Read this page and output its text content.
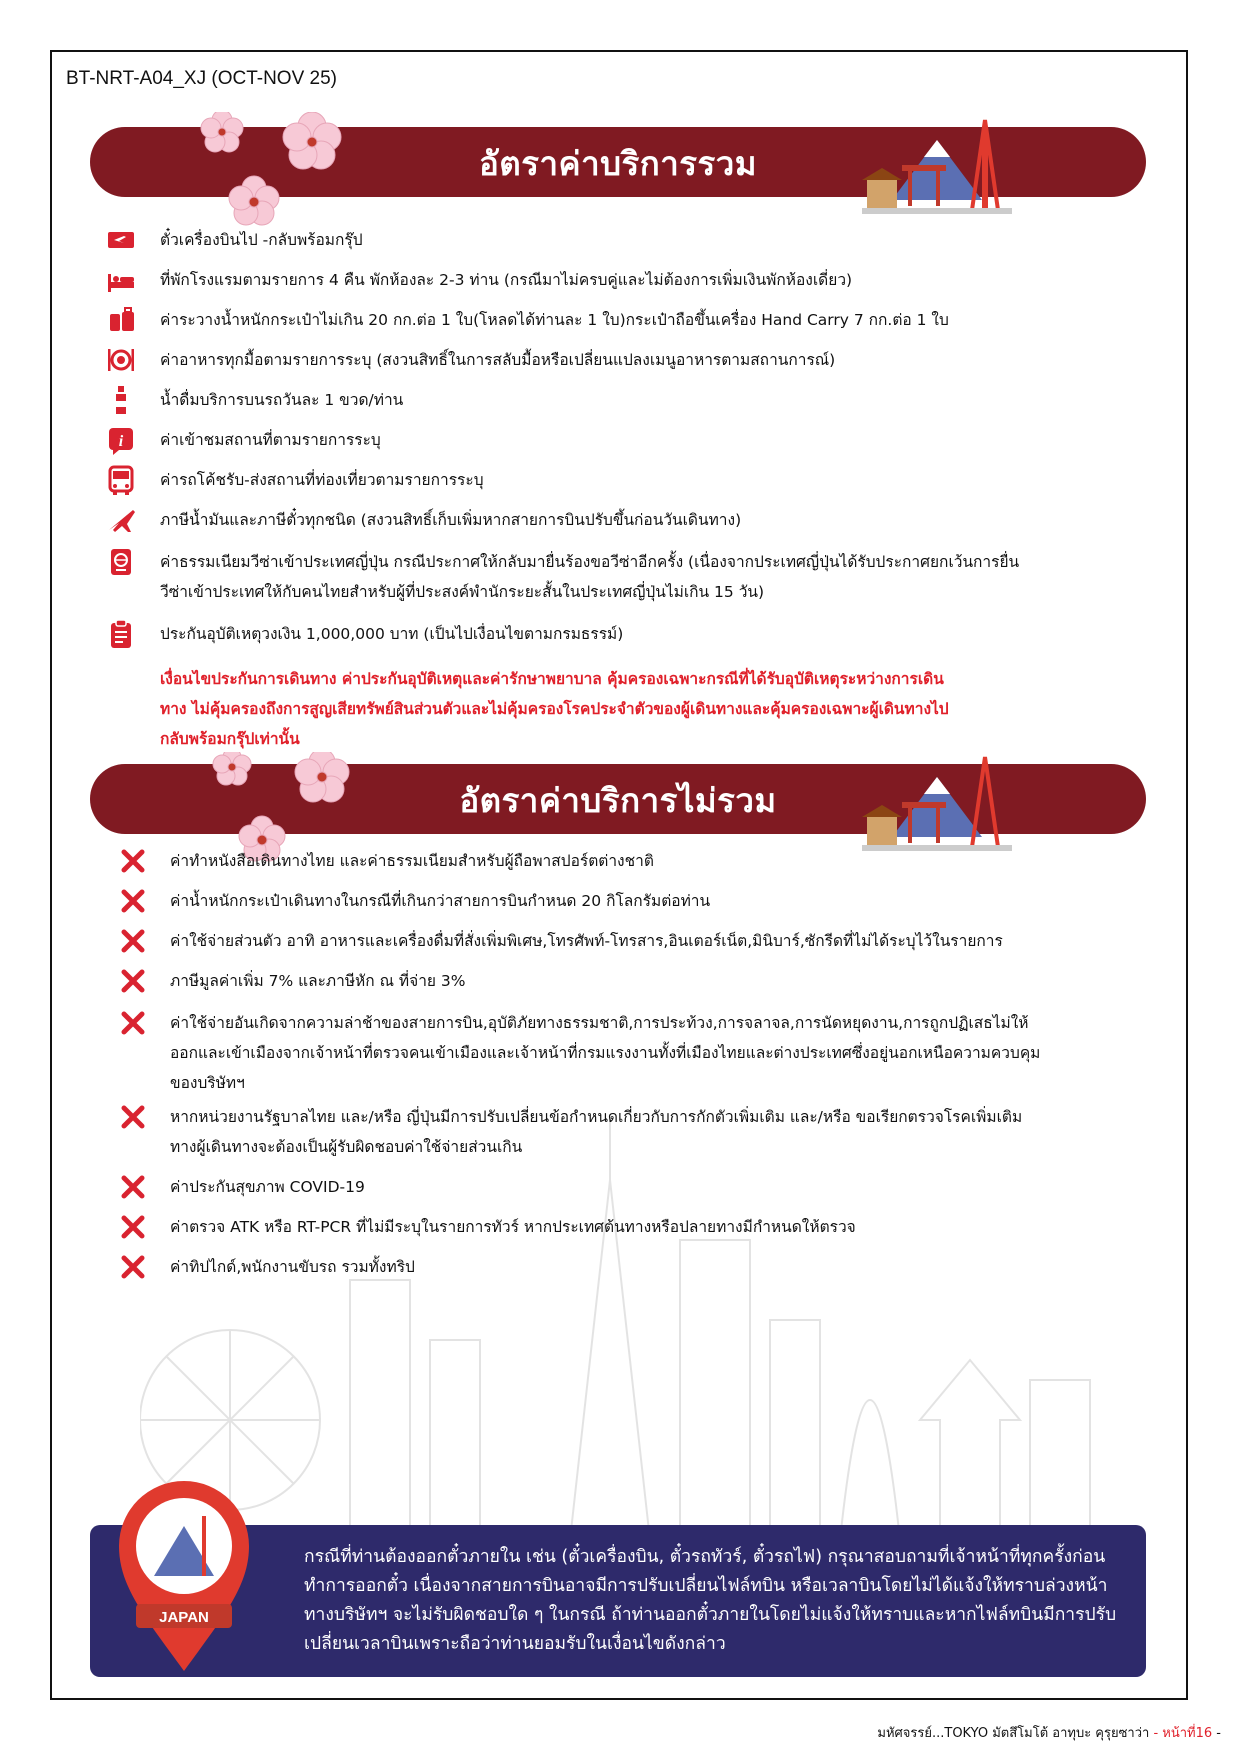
BT-NRT-A04_XJ (OCT-NOV 25)
อัตราค่าบริการรวม
ตั๋วเครื่องบินไป -กลับพร้อมกรุ๊ป
ที่พักโรงแรมตามรายการ 4 คืน พักห้องละ 2-3 ท่าน (กรณีมาไม่ครบคู่และไม่ต้องการเพิ่มเงินพักห้องเดี่ยว)
ค่าระวางน้ำหนักกระเป๋าไม่เกิน 20 กก.ต่อ 1 ใบ(โหลดได้ท่านละ 1 ใบ)กระเป๋าถือขึ้นเครื่อง Hand Carry 7 กก.ต่อ 1 ใบ
ค่าอาหารทุกมื้อตามรายการระบุ (สงวนสิทธิ์ในการสลับมื้อหรือเปลี่ยนแปลงเมนูอาหารตามสถานการณ์)
น้ำดื่มบริการบนรถวันละ 1 ขวด/ท่าน
i ค่าเข้าชมสถานที่ตามรายการระบุ
ค่ารถโค้ชรับ-ส่งสถานที่ท่องเที่ยวตามรายการระบุ
ภาษีน้ำมันและภาษีตั๋วทุกชนิด (สงวนสิทธิ์เก็บเพิ่มหากสายการบินปรับขึ้นก่อนวันเดินทาง)
ค่าธรรมเนียมวีซ่าเข้าประเทศญี่ปุ่น กรณีประกาศให้กลับมายื่นร้องขอวีซ่าอีกครั้ง (เนื่องจากประเทศญี่ปุ่นได้รับประกาศยกเว้นการยื่นวีซ่าเข้าประเทศให้กับคนไทยสำหรับผู้ที่ประสงค์พำนักระยะสั้นในประเทศญี่ปุ่นไม่เกิน 15 วัน)
ประกันอุบัติเหตุวงเงิน 1,000,000 บาท (เป็นไปเงื่อนไขตามกรมธรรม์)
เงื่อนไขประกันการเดินทาง ค่าประกันอุบัติเหตุและค่ารักษาพยาบาล คุ้มครองเฉพาะกรณีที่ได้รับอุบัติเหตุระหว่างการเดินทาง ไม่คุ้มครองถึงการสูญเสียทรัพย์สินส่วนตัวและไม่คุ้มครองโรคประจำตัวของผู้เดินทางและคุ้มครองเฉพาะผู้เดินทางไปกลับพร้อมกรุ๊ปเท่านั้น
อัตราค่าบริการไม่รวม
ค่าทำหนังสือเดินทางไทย และค่าธรรมเนียมสำหรับผู้ถือพาสปอร์ตต่างชาติ
ค่าน้ำหนักกระเป๋าเดินทางในกรณีที่เกินกว่าสายการบินกำหนด 20 กิโลกรัมต่อท่าน
ค่าใช้จ่ายส่วนตัว อาทิ อาหารและเครื่องดื่มที่สั่งเพิ่มพิเศษ,โทรศัพท์-โทรสาร,อินเตอร์เน็ต,มินิบาร์,ซักรีดที่ไม่ได้ระบุไว้ในรายการ
ภาษีมูลค่าเพิ่ม 7% และภาษีหัก ณ ที่จ่าย 3%
ค่าใช้จ่ายอันเกิดจากความล่าช้าของสายการบิน,อุบัติภัยทางธรรมชาติ,การประท้วง,การจลาจล,การนัดหยุดงาน,การถูกปฏิเสธไม่ให้ออกและเข้าเมืองจากเจ้าหน้าที่ตรวจคนเข้าเมืองและเจ้าหน้าที่กรมแรงงานทั้งที่เมืองไทยและต่างประเทศซึ่งอยู่นอกเหนือความควบคุมของบริษัทฯ
หากหน่วยงานรัฐบาลไทย และ/หรือ ญี่ปุ่นมีการปรับเปลี่ยนข้อกำหนดเกี่ยวกับการกักตัวเพิ่มเติม และ/หรือ ขอเรียกตรวจโรคเพิ่มเติม ทางผู้เดินทางจะต้องเป็นผู้รับผิดชอบค่าใช้จ่ายส่วนเกิน
ค่าประกันสุขภาพ COVID-19
ค่าตรวจ ATK หรือ RT-PCR ที่ไม่มีระบุในรายการทัวร์ หากประเทศต้นทางหรือปลายทางมีกำหนดให้ตรวจ
ค่าทิปไกด์,พนักงานขับรถ รวมทั้งทริป
กรณีที่ท่านต้องออกตั๋วภายใน เช่น (ตั๋วเครื่องบิน, ตั๋วรถทัวร์, ตั๋วรถไฟ) กรุณาสอบถามที่เจ้าหน้าที่ทุกครั้งก่อนทำการออกตั๋ว เนื่องจากสายการบินอาจมีการปรับเปลี่ยนไฟล์ทบิน หรือเวลาบินโดยไม่ได้แจ้งให้ทราบล่วงหน้า ทางบริษัทฯ จะไม่รับผิดชอบใด ๆ ในกรณี ถ้าท่านออกตั๋วภายในโดยไม่แจ้งให้ทราบและหากไฟล์ทบินมีการปรับเปลี่ยนเวลาบินเพราะถือว่าท่านยอมรับในเงื่อนไขดังกล่าว
JAPAN
มหัศจรรย์...TOKYO มัตสึโมโต้ อาทุบะ คุรุยซาว่า - หน้าที่16 -
